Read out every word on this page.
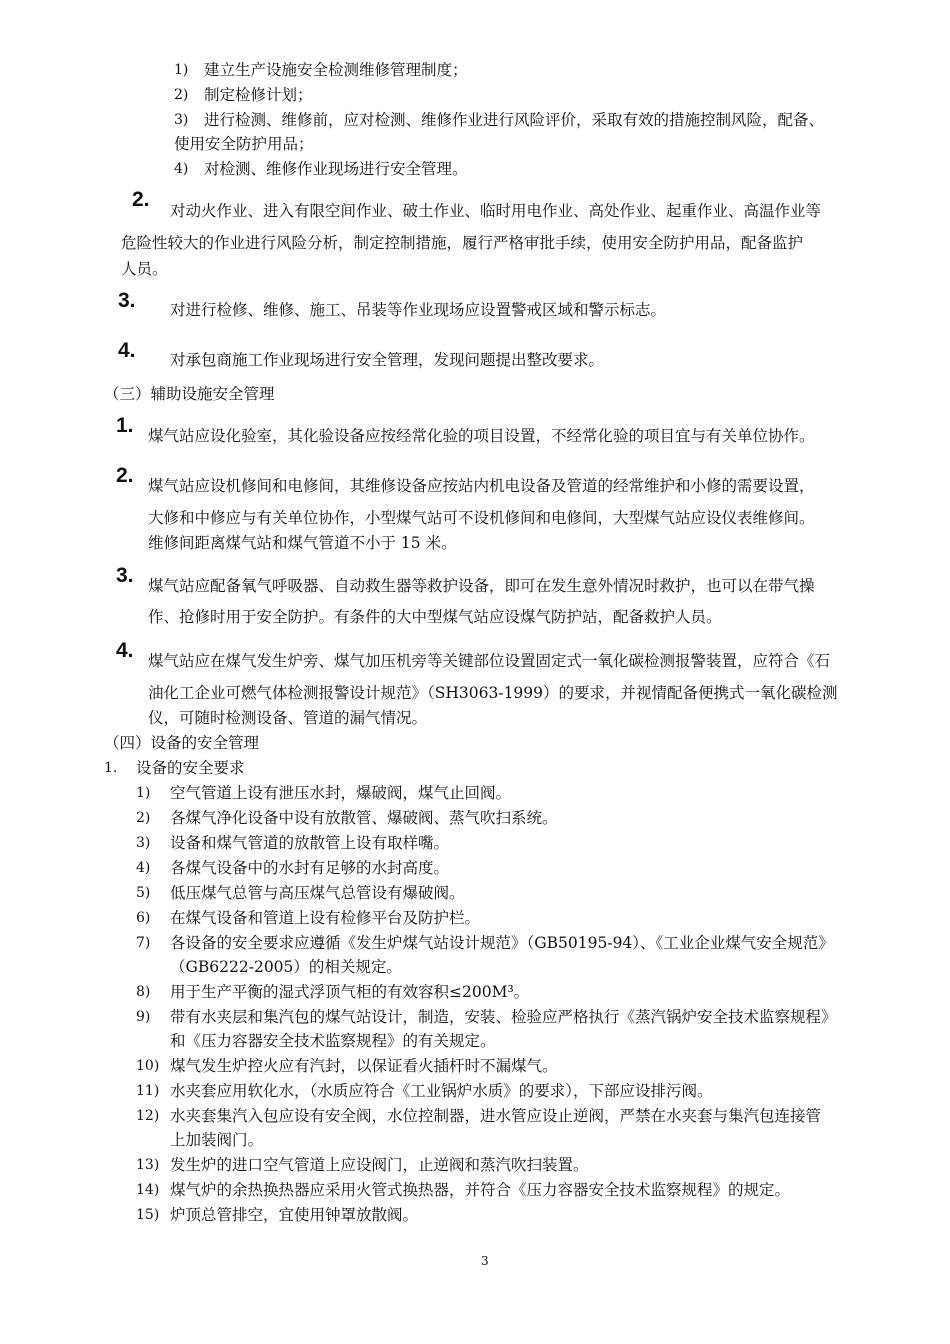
1) 建立生产设施安全检测维修管理制度；
2) 制定检修计划；
3) 进行检测、维修前，应对检测、维修作业进行风险评价，采取有效的措施控制风险，配备、
使用安全防护用品；
4) 对检测、维修作业现场进行安全管理。
2. 对动火作业、进入有限空间作业、破土作业、临时用电作业、高处作业、起重作业、高温作业等
危险性较大的作业进行风险分析，制定控制措施，履行严格审批手续，使用安全防护用品，配备监护
人员。
3. 对进行检修、维修、施工、吊装等作业现场应设置警戒区域和警示标志。
4. 对承包商施工作业现场进行安全管理，发现问题提出整改要求。
（三）辅助设施安全管理
1. 煤气站应设化验室，其化验设备应按经常化验的项目设置，不经常化验的项目宜与有关单位协作。
2. 煤气站应设机修间和电修间，其维修设备应按站内机电设备及管道的经常维护和小修的需要设置，
大修和中修应与有关单位协作，小型煤气站可不设机修间和电修间，大型煤气站应设仪表维修间。
维修间距离煤气站和煤气管道不小于 15 米。
3. 煤气站应配备氧气呼吸器、自动救生器等救护设备，即可在发生意外情况时救护，也可以在带气操
作、抢修时用于安全防护。有条件的大中型煤气站应设煤气防护站，配备救护人员。
4. 煤气站应在煤气发生炉旁、煤气加压机旁等关键部位设置固定式一氧化碳检测报警装置，应符合《石
油化工企业可燃气体检测报警设计规范》（SH3063-1999）的要求，并视情配备便携式一氧化碳检测
仪，可随时检测设备、管道的漏气情况。
（四）设备的安全管理
1. 设备的安全要求
1) 空气管道上设有泄压水封，爆破阀，煤气止回阀。
2) 各煤气净化设备中设有放散管、爆破阀、蒸气吹扫系统。
3) 设备和煤气管道的放散管上设有取样嘴。
4) 各煤气设备中的水封有足够的水封高度。
5) 低压煤气总管与高压煤气总管设有爆破阀。
6) 在煤气设备和管道上设有检修平台及防护栏。
7) 各设备的安全要求应遵循《发生炉煤气站设计规范》（GB50195-94）、《工业企业煤气安全规范》
（GB6222-2005）的相关规定。
8) 用于生产平衡的湿式浮顶气柜的有效容积≤200M³。
9) 带有水夹层和集汽包的煤气站设计，制造，安装、检验应严格执行《蒸汽锅炉安全技术监察规程》
和《压力容器安全技术监察规程》的有关规定。
10) 煤气发生炉控火应有汽封，以保证看火插杆时不漏煤气。
11) 水夹套应用软化水，（水质应符合《工业锅炉水质》的要求），下部应设排污阀。
12) 水夹套集汽入包应设有安全阀，水位控制器，进水管应设止逆阀，严禁在水夹套与集汽包连接管
上加装阀门。
13) 发生炉的进口空气管道上应设阀门，止逆阀和蒸汽吹扫装置。
14) 煤气炉的余热换热器应采用火管式换热器，并符合《压力容器安全技术监察规程》的规定。
15) 炉顶总管排空，宜使用钟罩放散阀。
3
